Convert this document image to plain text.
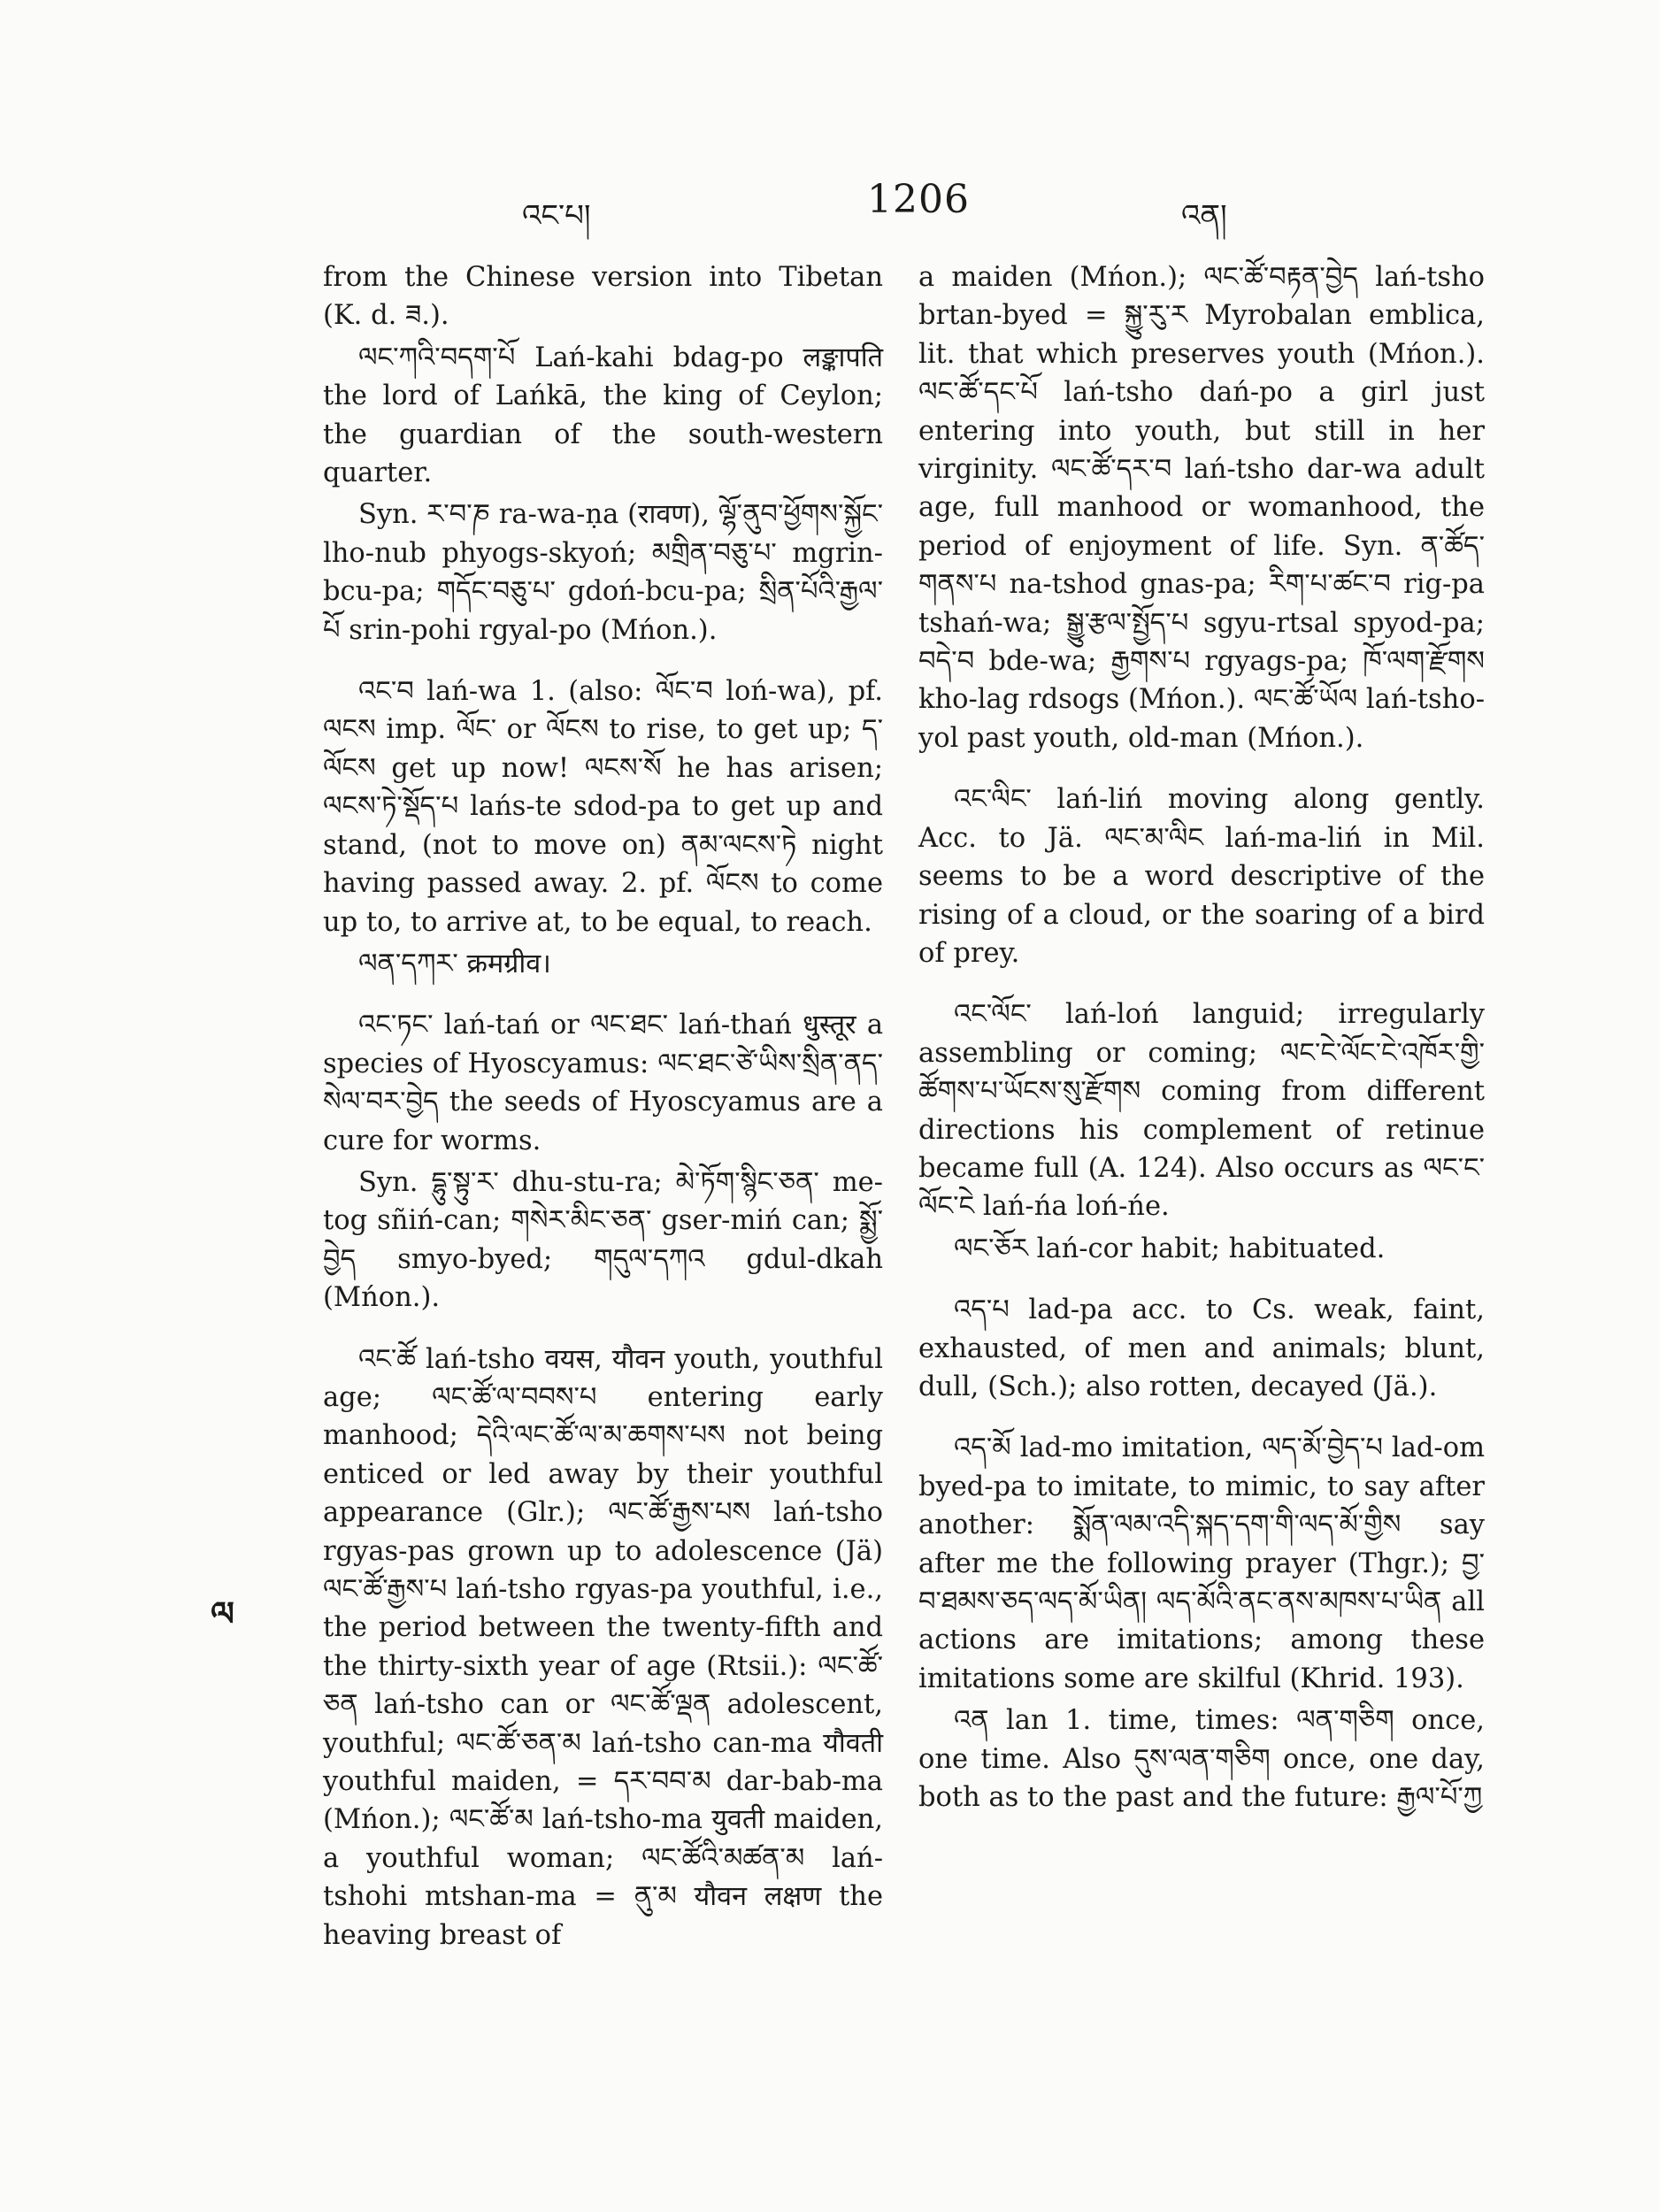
འང་པ།	1206	འན།
ལ

from the Chinese version into Tibetan (K. d. ཟ.).

ལང་ཀའི་བདག་པོ Lań-kahi bdag-po लङ्कापति the lord of Lańkā, the king of Ceylon; the guardian of the south-western quarter.

Syn. ར་བ་ཎ ra-wa-ṇa (रावण), ལྷོ་ནུབ་ཕྱོགས་སྐྱོང་ lho-nub phyogs-skyoń; མགྲིན་བཅུ་པ་ mgrin-bcu-pa; གདོང་བཅུ་པ་ gdoń-bcu-pa; སྲིན་པོའི་རྒྱལ་པོ srin-pohi rgyal-po (Mńon.).

འང་བ lań-wa 1. (also: ལོང་བ loń-wa), pf. ལངས imp. ལོང་ or ལོངས to rise, to get up; ད་ལོངས get up now! ལངས་སོ he has arisen; ལངས་ཏེ་སྡོད་པ lańs-te sdod-pa to get up and stand, (not to move on) ནམ་ལངས་ཏེ night having passed away. 2. pf. ལོངས to come up to, to arrive at, to be equal, to reach.

ལན་དཀར་ क्रमग्रीव।

འང་ཏང་ lań-tań or ལང་ཐང་ lań-thań धुस्तूर a species of Hyoscyamus: ལང་ཐང་ཙེ་ཡིས་སྲིན་ནད་སེལ་བར་བྱེད the seeds of Hyoscyamus are a cure for worms.

Syn. དྷུ་སྟུ་ར་ dhu-stu-ra; མེ་ཏོག་སྙིང་ཅན་ me-tog sñiń-can; གསེར་མིང་ཅན་ gser-miń can; སྨྱོ་བྱེད smyo-byed; གདུལ་དཀའ gdul-dkah (Mńon.).

འང་ཚོ lań-tsho वयस, यौवन youth, youthful age; ལང་ཚོ་ལ་བབས་པ entering early manhood; དེའི་ལང་ཚོ་ལ་མ་ཆགས་པས not being enticed or led away by their youthful appearance (Glr.); ལང་ཚོ་རྒྱས་པས lań-tsho rgyas-pas grown up to adolescence (Jä) ལང་ཚོ་རྒྱས་པ lań-tsho rgyas-pa youthful, i.e., the period between the twenty-fifth and the thirty-sixth year of age (Rtsii.): ལང་ཚོ་ཅན lań-tsho can or ལང་ཚོ་ལྡན adolescent, youthful; ལང་ཚོ་ཅན་མ lań-tsho can-ma यौवती youthful maiden, = དར་བབ་མ dar-bab-ma (Mńon.); ལང་ཚོ་མ lań-tsho-ma युवती maiden, a youthful woman; ལང་ཚོའི་མཚན་མ lań-tshohi mtshan-ma = ནུ་མ यौवन लक्षण the heaving breast of

a maiden (Mńon.); ལང་ཚོ་བརྟན་བྱེད lań-tsho brtan-byed = སྐྱུ་རུ་ར Myrobalan emblica, lit. that which preserves youth (Mńon.). ལང་ཚོ་དང་པོ lań-tsho dań-po a girl just entering into youth, but still in her virginity. ལང་ཚོ་དར་བ lań-tsho dar-wa adult age, full manhood or womanhood, the period of enjoyment of life. Syn. ན་ཚོད་གནས་པ na-tshod gnas-pa; རིག་པ་ཚང་བ rig-pa tshań-wa; སྒྱུ་རྩལ་སྤྱོད་པ sgyu-rtsal spyod-pa; བདེ་བ bde-wa; རྒྱགས་པ rgyags-pa; ཁོ་ལག་རྫོགས kho-lag rdsogs (Mńon.). ལང་ཚོ་ཡོལ lań-tsho-yol past youth, old-man (Mńon.).

འང་ལིང་ lań-liń moving along gently. Acc. to Jä. ལང་མ་ལིང lań-ma-liń in Mil. seems to be a word descriptive of the rising of a cloud, or the soaring of a bird of prey.

འང་ལོང་ lań-loń languid; irregularly assembling or coming; ལང་ངེ་ལོང་ངེ་འཁོར་གྱི་ཚོགས་པ་ཡོངས་སུ་རྫོགས coming from different directions his complement of retinue became full (A. 124). Also occurs as ལང་ང་ལོང་ངེ lań-ńa loń-ńe.

ལང་ཅོར lań-cor habit; habituated.

འད་པ lad-pa acc. to Cs. weak, faint, exhausted, of men and animals; blunt, dull, (Sch.); also rotten, decayed (Jä.).

འད་མོ lad-mo imitation, ལད་མོ་བྱེད་པ lad-om byed-pa to imitate, to mimic, to say after another: སྨོན་ལམ་འདི་སྐད་དག་གི་ལད་མོ་གྱིས say after me the following prayer (Thgr.); བྱ་བ་ཐམས་ཅད་ལད་མོ་ཡིན། ལད་མོའི་ནང་ནས་མཁས་པ་ཡིན all actions are imitations; among these imitations some are skilful (Khrid. 193).

འན lan 1. time, times: ལན་གཅིག once, one time. Also དུས་ལན་གཅིག once, one day, both as to the past and the future: རྒྱལ་པོ་ཀྱ
